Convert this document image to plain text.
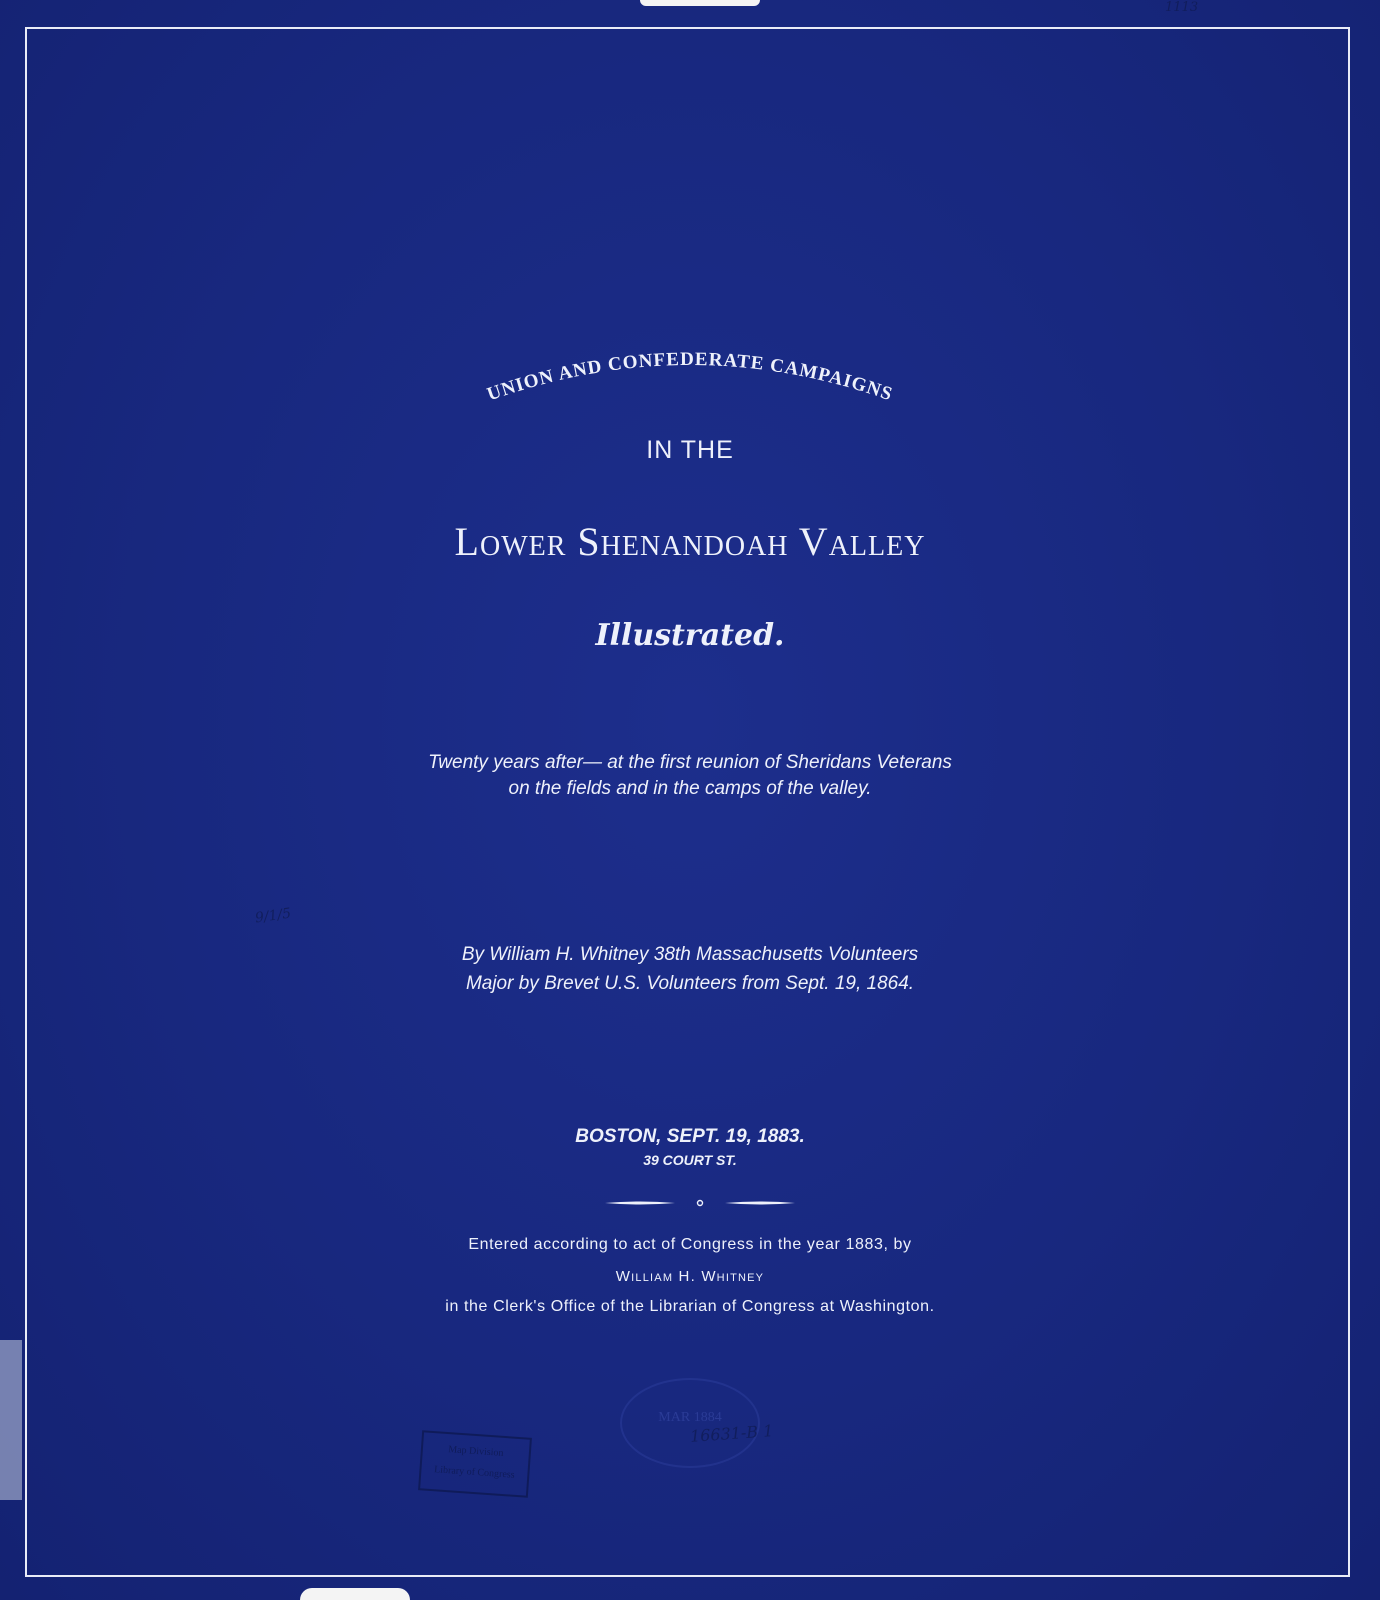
UNION AND CONFEDERATE CAMPAIGNS

IN THE

Lower Shenandoah Valley

Illustrated.

Twenty years after— at the first reunion of Sheridans Veterans

on the fields and in the camps of the valley.

By William H. Whitney 38th Massachusetts Volunteers

Major by Brevet U.S. Volunteers from Sept. 19, 1864.

BOSTON, SEPT. 19, 1883.

39 COURT ST.

Entered according to act of Congress in the year 1883, by

William H. Whitney

in the Clerk's Office of the Librarian of Congress at Washington.

MAR 1884
16631-B 1
Map Division
Library of Congress
9/1/5
1113
